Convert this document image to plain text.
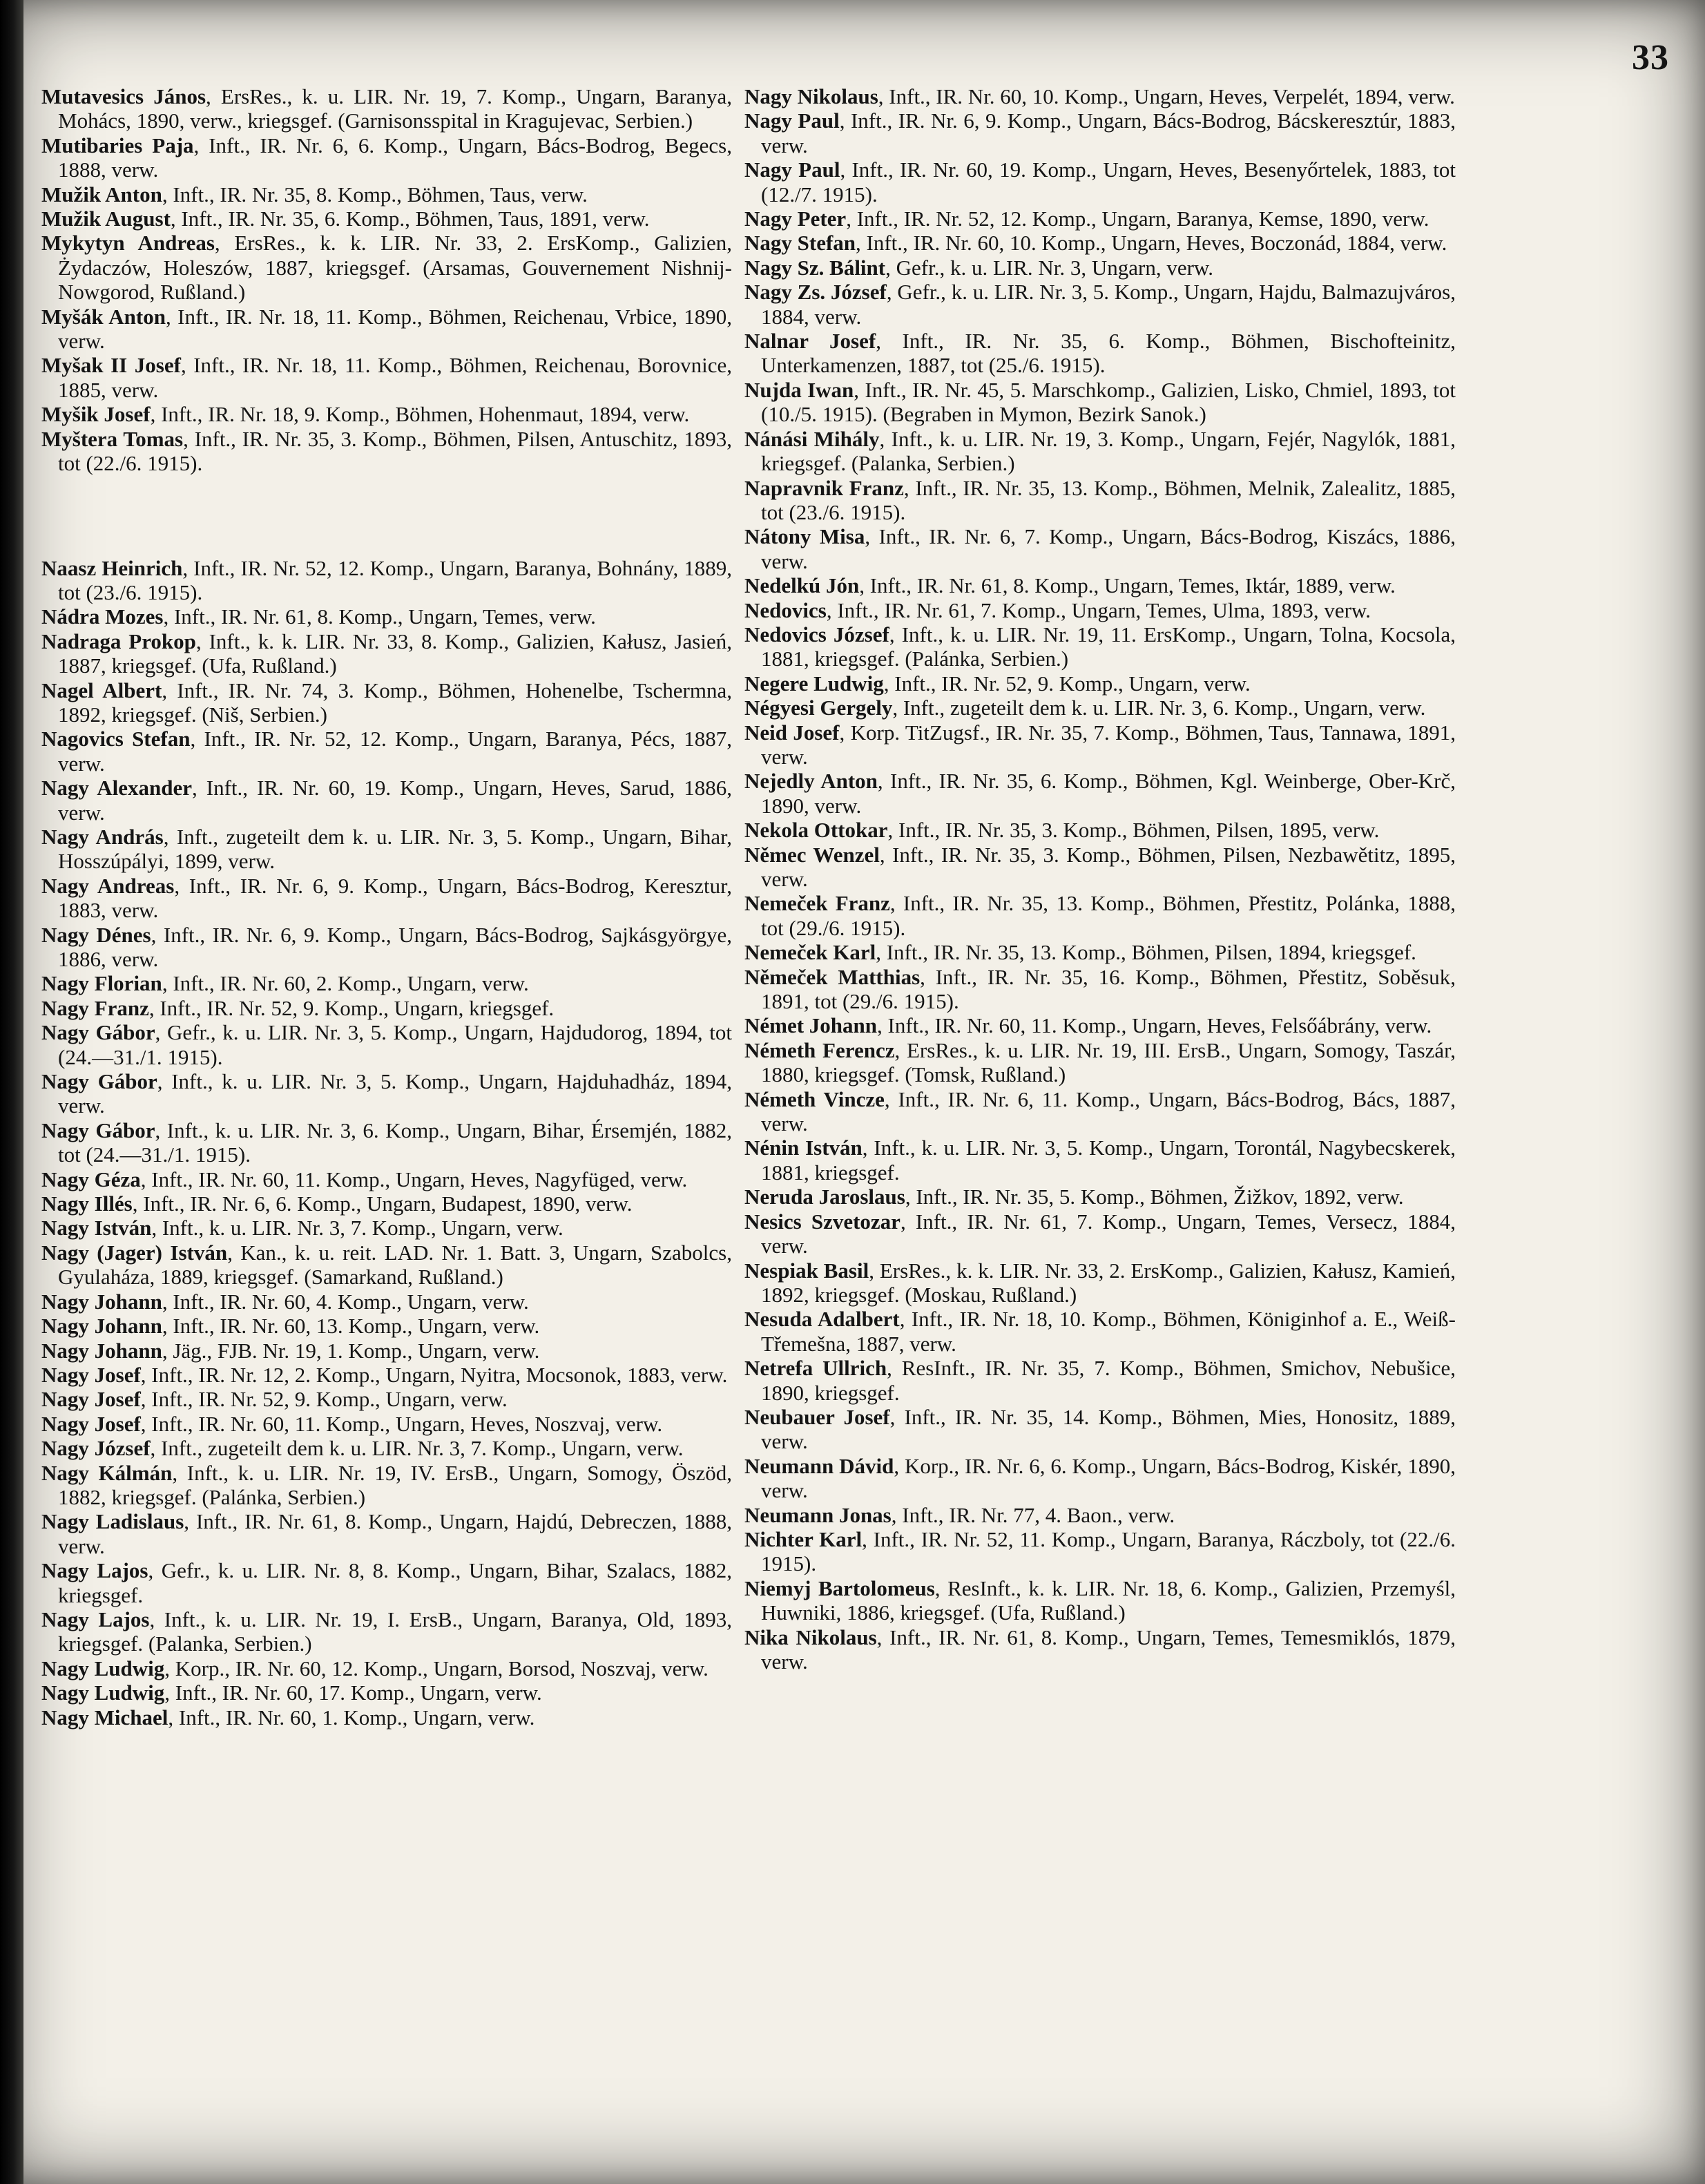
33
Mutavesics János, ErsRes., k. u. LIR. Nr. 19, 7. Komp., Ungarn, Baranya, Mohács, 1890, verw., kriegsgef. (Garnisonsspital in Kragujevac, Serbien.)
Mutibaries Paja, Inft., IR. Nr. 6, 6. Komp., Ungarn, Bács-Bodrog, Begecs, 1888, verw.
Mužik Anton, Inft., IR. Nr. 35, 8. Komp., Böhmen, Taus, verw.
Mužik August, Inft., IR. Nr. 35, 6. Komp., Böhmen, Taus, 1891, verw.
Mykytyn Andreas, ErsRes., k. k. LIR. Nr. 33, 2. ErsKomp., Galizien, Żydaczów, Holeszów, 1887, kriegsgef. (Arsamas, Gouvernement Nishnij-Nowgorod, Rußland.)
Myšák Anton, Inft., IR. Nr. 18, 11. Komp., Böhmen, Reichenau, Vrbice, 1890, verw.
Myšak II Josef, Inft., IR. Nr. 18, 11. Komp., Böhmen, Reichenau, Borovnice, 1885, verw.
Myšik Josef, Inft., IR. Nr. 18, 9. Komp., Böhmen, Hohenmaut, 1894, verw.
Myštera Tomas, Inft., IR. Nr. 35, 3. Komp., Böhmen, Pilsen, Antuschitz, 1893, tot (22./6. 1915).
Naasz Heinrich, Inft., IR. Nr. 52, 12. Komp., Ungarn, Baranya, Bohnány, 1889, tot (23./6. 1915).
Nádra Mozes, Inft., IR. Nr. 61, 8. Komp., Ungarn, Temes, verw.
Nadraga Prokop, Inft., k. k. LIR. Nr. 33, 8. Komp., Galizien, Kałusz, Jasień, 1887, kriegsgef. (Ufa, Rußland.)
Nagel Albert, Inft., IR. Nr. 74, 3. Komp., Böhmen, Hohenelbe, Tschermna, 1892, kriegsgef. (Niš, Serbien.)
Nagovics Stefan, Inft., IR. Nr. 52, 12. Komp., Ungarn, Baranya, Pécs, 1887, verw.
Nagy Alexander, Inft., IR. Nr. 60, 19. Komp., Ungarn, Heves, Sarud, 1886, verw.
Nagy András, Inft., zugeteilt dem k. u. LIR. Nr. 3, 5. Komp., Ungarn, Bihar, Hosszúpályi, 1899, verw.
Nagy Andreas, Inft., IR. Nr. 6, 9. Komp., Ungarn, Bács-Bodrog, Keresztur, 1883, verw.
Nagy Dénes, Inft., IR. Nr. 6, 9. Komp., Ungarn, Bács-Bodrog, Sajkásgyörgye, 1886, verw.
Nagy Florian, Inft., IR. Nr. 60, 2. Komp., Ungarn, verw.
Nagy Franz, Inft., IR. Nr. 52, 9. Komp., Ungarn, kriegsgef.
Nagy Gábor, Gefr., k. u. LIR. Nr. 3, 5. Komp., Ungarn, Hajdudorog, 1894, tot (24.—31./1. 1915).
Nagy Gábor, Inft., k. u. LIR. Nr. 3, 5. Komp., Ungarn, Hajduhadház, 1894, verw.
Nagy Gábor, Inft., k. u. LIR. Nr. 3, 6. Komp., Ungarn, Bihar, Érsemjén, 1882, tot (24.—31./1. 1915).
Nagy Géza, Inft., IR. Nr. 60, 11. Komp., Ungarn, Heves, Nagyfüged, verw.
Nagy Illés, Inft., IR. Nr. 6, 6. Komp., Ungarn, Budapest, 1890, verw.
Nagy István, Inft., k. u. LIR. Nr. 3, 7. Komp., Ungarn, verw.
Nagy (Jager) István, Kan., k. u. reit. LAD. Nr. 1. Batt. 3, Ungarn, Szabolcs, Gyulaháza, 1889, kriegsgef. (Samarkand, Rußland.)
Nagy Johann, Inft., IR. Nr. 60, 4. Komp., Ungarn, verw.
Nagy Johann, Inft., IR. Nr. 60, 13. Komp., Ungarn, verw.
Nagy Johann, Jäg., FJB. Nr. 19, 1. Komp., Ungarn, verw.
Nagy Josef, Inft., IR. Nr. 12, 2. Komp., Ungarn, Nyitra, Mocsonok, 1883, verw.
Nagy Josef, Inft., IR. Nr. 52, 9. Komp., Ungarn, verw.
Nagy Josef, Inft., IR. Nr. 60, 11. Komp., Ungarn, Heves, Noszvaj, verw.
Nagy József, Inft., zugeteilt dem k. u. LIR. Nr. 3, 7. Komp., Ungarn, verw.
Nagy Kálmán, Inft., k. u. LIR. Nr. 19, IV. ErsB., Ungarn, Somogy, Öszöd, 1882, kriegsgef. (Palánka, Serbien.)
Nagy Ladislaus, Inft., IR. Nr. 61, 8. Komp., Ungarn, Hajdú, Debreczen, 1888, verw.
Nagy Lajos, Gefr., k. u. LIR. Nr. 8, 8. Komp., Ungarn, Bihar, Szalacs, 1882, kriegsgef.
Nagy Lajos, Inft., k. u. LIR. Nr. 19, I. ErsB., Ungarn, Baranya, Old, 1893, kriegsgef. (Palanka, Serbien.)
Nagy Ludwig, Korp., IR. Nr. 60, 12. Komp., Ungarn, Borsod, Noszvaj, verw.
Nagy Ludwig, Inft., IR. Nr. 60, 17. Komp., Ungarn, verw.
Nagy Michael, Inft., IR. Nr. 60, 1. Komp., Ungarn, verw.
Nagy Nikolaus, Inft., IR. Nr. 60, 10. Komp., Ungarn, Heves, Verpelét, 1894, verw.
Nagy Paul, Inft., IR. Nr. 6, 9. Komp., Ungarn, Bács-Bodrog, Bácskeresztúr, 1883, verw.
Nagy Paul, Inft., IR. Nr. 60, 19. Komp., Ungarn, Heves, Besenyőrtelek, 1883, tot (12./7. 1915).
Nagy Peter, Inft., IR. Nr. 52, 12. Komp., Ungarn, Baranya, Kemse, 1890, verw.
Nagy Stefan, Inft., IR. Nr. 60, 10. Komp., Ungarn, Heves, Boczonád, 1884, verw.
Nagy Sz. Bálint, Gefr., k. u. LIR. Nr. 3, Ungarn, verw.
Nagy Zs. József, Gefr., k. u. LIR. Nr. 3, 5. Komp., Ungarn, Hajdu, Balmazujváros, 1884, verw.
Nalnar Josef, Inft., IR. Nr. 35, 6. Komp., Böhmen, Bischofteinitz, Unterkamenzen, 1887, tot (25./6. 1915).
Nujda Iwan, Inft., IR. Nr. 45, 5. Marschkomp., Galizien, Lisko, Chmiel, 1893, tot (10./5. 1915). (Begraben in Mymon, Bezirk Sanok.)
Nánási Mihály, Inft., k. u. LIR. Nr. 19, 3. Komp., Ungarn, Fejér, Nagylók, 1881, kriegsgef. (Palanka, Serbien.)
Napravnik Franz, Inft., IR. Nr. 35, 13. Komp., Böhmen, Melnik, Zalealitz, 1885, tot (23./6. 1915).
Nátony Misa, Inft., IR. Nr. 6, 7. Komp., Ungarn, Bács-Bodrog, Kiszács, 1886, verw.
Nedelkú Jón, Inft., IR. Nr. 61, 8. Komp., Ungarn, Temes, Iktár, 1889, verw.
Nedovics, Inft., IR. Nr. 61, 7. Komp., Ungarn, Temes, Ulma, 1893, verw.
Nedovics József, Inft., k. u. LIR. Nr. 19, 11. ErsKomp., Ungarn, Tolna, Kocsola, 1881, kriegsgef. (Palánka, Serbien.)
Negere Ludwig, Inft., IR. Nr. 52, 9. Komp., Ungarn, verw.
Négyesi Gergely, Inft., zugeteilt dem k. u. LIR. Nr. 3, 6. Komp., Ungarn, verw.
Neid Josef, Korp. TitZugsf., IR. Nr. 35, 7. Komp., Böhmen, Taus, Tannawa, 1891, verw.
Nejedly Anton, Inft., IR. Nr. 35, 6. Komp., Böhmen, Kgl. Weinberge, Ober-Krč, 1890, verw.
Nekola Ottokar, Inft., IR. Nr. 35, 3. Komp., Böhmen, Pilsen, 1895, verw.
Němec Wenzel, Inft., IR. Nr. 35, 3. Komp., Böhmen, Pilsen, Nezbawětitz, 1895, verw.
Nemeček Franz, Inft., IR. Nr. 35, 13. Komp., Böhmen, Přestitz, Polánka, 1888, tot (29./6. 1915).
Nemeček Karl, Inft., IR. Nr. 35, 13. Komp., Böhmen, Pilsen, 1894, kriegsgef.
Němeček Matthias, Inft., IR. Nr. 35, 16. Komp., Böhmen, Přestitz, Soběsuk, 1891, tot (29./6. 1915).
Német Johann, Inft., IR. Nr. 60, 11. Komp., Ungarn, Heves, Felsőábrány, verw.
Németh Ferencz, ErsRes., k. u. LIR. Nr. 19, III. ErsB., Ungarn, Somogy, Taszár, 1880, kriegsgef. (Tomsk, Rußland.)
Németh Vincze, Inft., IR. Nr. 6, 11. Komp., Ungarn, Bács-Bodrog, Bács, 1887, verw.
Nénin István, Inft., k. u. LIR. Nr. 3, 5. Komp., Ungarn, Torontál, Nagybecskerek, 1881, kriegsgef.
Neruda Jaroslaus, Inft., IR. Nr. 35, 5. Komp., Böhmen, Žižkov, 1892, verw.
Nesics Szvetozar, Inft., IR. Nr. 61, 7. Komp., Ungarn, Temes, Versecz, 1884, verw.
Nespiak Basil, ErsRes., k. k. LIR. Nr. 33, 2. ErsKomp., Galizien, Kałusz, Kamień, 1892, kriegsgef. (Moskau, Rußland.)
Nesuda Adalbert, Inft., IR. Nr. 18, 10. Komp., Böhmen, Königinhof a. E., Weiß-Třemešna, 1887, verw.
Netrefa Ullrich, ResInft., IR. Nr. 35, 7. Komp., Böhmen, Smichov, Nebušice, 1890, kriegsgef.
Neubauer Josef, Inft., IR. Nr. 35, 14. Komp., Böhmen, Mies, Honositz, 1889, verw.
Neumann Dávid, Korp., IR. Nr. 6, 6. Komp., Ungarn, Bács-Bodrog, Kiskér, 1890, verw.
Neumann Jonas, Inft., IR. Nr. 77, 4. Baon., verw.
Nichter Karl, Inft., IR. Nr. 52, 11. Komp., Ungarn, Baranya, Ráczboly, tot (22./6. 1915).
Niemyj Bartolomeus, ResInft., k. k. LIR. Nr. 18, 6. Komp., Galizien, Przemyśl, Huwniki, 1886, kriegsgef. (Ufa, Rußland.)
Nika Nikolaus, Inft., IR. Nr. 61, 8. Komp., Ungarn, Temes, Temesmiklós, 1879, verw.
